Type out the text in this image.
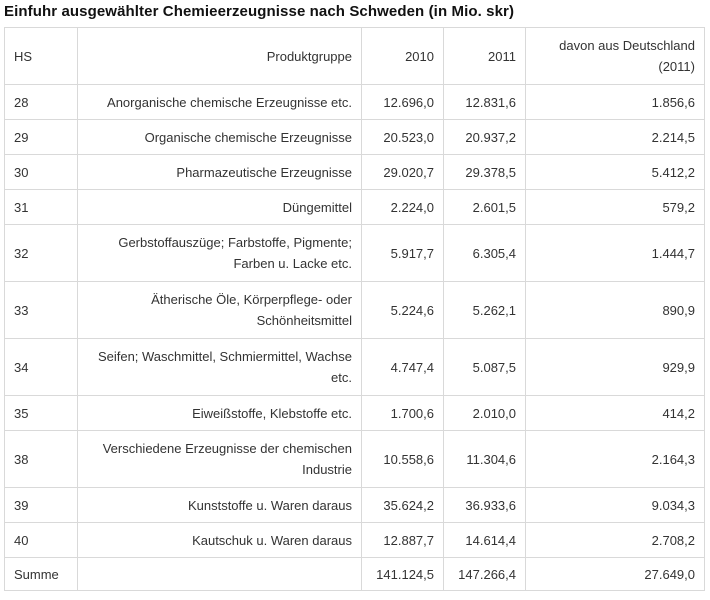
Einfuhr ausgewählter Chemieerzeugnisse nach Schweden (in Mio. skr)
HS	Produktgruppe	2010	2011	davon aus Deutschland
(2011)
28	Anorganische chemische Erzeugnisse etc.	12.696,0	12.831,6	1.856,6
29	Organische chemische Erzeugnisse	20.523,0	20.937,2	2.214,5
30	Pharmazeutische Erzeugnisse	29.020,7	29.378,5	5.412,2
31	Düngemittel	2.224,0	2.601,5	579,2
32	Gerbstoffauszüge; Farbstoffe, Pigmente;
Farben u. Lacke etc.	5.917,7	6.305,4	1.444,7
33	Ätherische Öle, Körperpflege- oder
Schönheitsmittel	5.224,6	5.262,1	890,9
34	Seifen; Waschmittel, Schmiermittel, Wachse
etc.	4.747,4	5.087,5	929,9
35	Eiweißstoffe, Klebstoffe etc.	1.700,6	2.010,0	414,2
38	Verschiedene Erzeugnisse der chemischen
Industrie	10.558,6	11.304,6	2.164,3
39	Kunststoffe u. Waren daraus	35.624,2	36.933,6	9.034,3
40	Kautschuk u. Waren daraus	12.887,7	14.614,4	2.708,2
Summe		141.124,5	147.266,4	27.649,0
